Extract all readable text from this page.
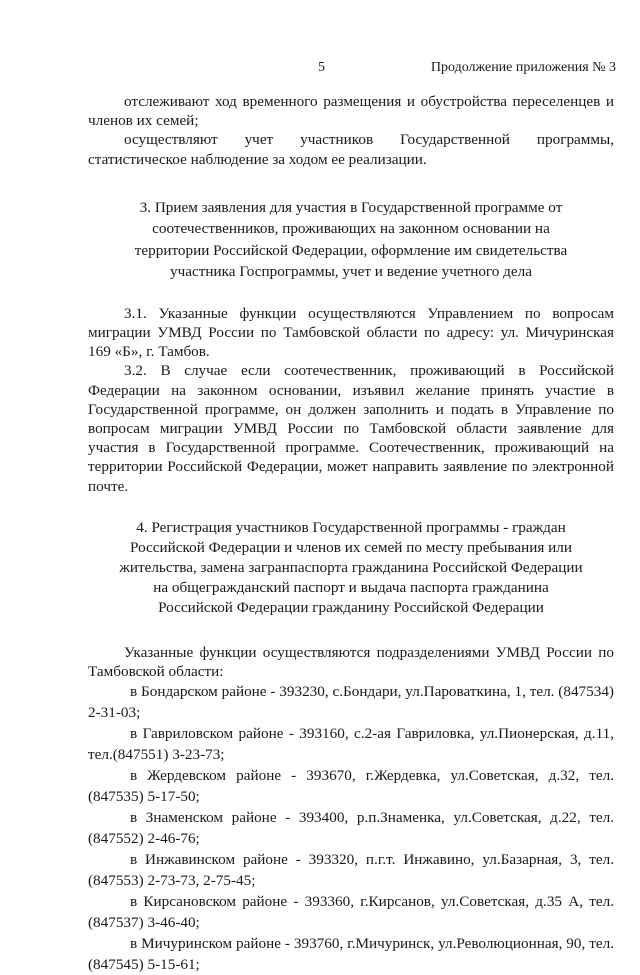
5	Продолжение приложения № 3

отслеживают ход временного размещения и обустройства переселенцев и членов их семей;

осуществляют учет участников Государственной программы, статистическое наблюдение за ходом ее реализации.

3. Прием заявления для участия в Государственной программе от соотечественников, проживающих на законном основании на территории Российской Федерации, оформление им свидетельства участника Госпрограммы, учет и ведение учетного дела

3.1. Указанные функции осуществляются Управлением по вопросам миграции УМВД России по Тамбовской области по адресу: ул. Мичуринская 169 «Б», г. Тамбов.

3.2. В случае если соотечественник, проживающий в Российской Федерации на законном основании, изъявил желание принять участие в Государственной программе, он должен заполнить и подать в Управление по вопросам миграции УМВД России по Тамбовской области заявление для участия в Государственной программе. Соотечественник, проживающий на территории Российской Федерации, может направить заявление по электронной почте.

4. Регистрация участников Государственной программы - граждан Российской Федерации и членов их семей по месту пребывания или жительства, замена загранпаспорта гражданина Российской Федерации на общегражданский паспорт и выдача паспорта гражданина Российской Федерации гражданину Российской Федерации

Указанные функции осуществляются подразделениями УМВД России по Тамбовской области:

в Бондарском районе - 393230, с.Бондари, ул.Пароваткина, 1, тел. (847534) 2-31-03;

в Гавриловском районе - 393160, с.2-ая Гавриловка, ул.Пионерская, д.11, тел.(847551) 3-23-73;

в Жердевском районе - 393670, г.Жердевка, ул.Советская, д.32, тел. (847535) 5-17-50;

в Знаменском районе - 393400, р.п.Знаменка, ул.Советская, д.22, тел.(847552) 2-46-76;

в Инжавинском районе - 393320, п.г.т. Инжавино, ул.Базарная, 3, тел. (847553) 2-73-73, 2-75-45;

в Кирсановском районе - 393360, г.Кирсанов, ул.Советская, д.35 А, тел. (847537) 3-46-40;

в Мичуринском районе - 393760, г.Мичуринск, ул.Революционная, 90, тел. (847545) 5-15-61;
